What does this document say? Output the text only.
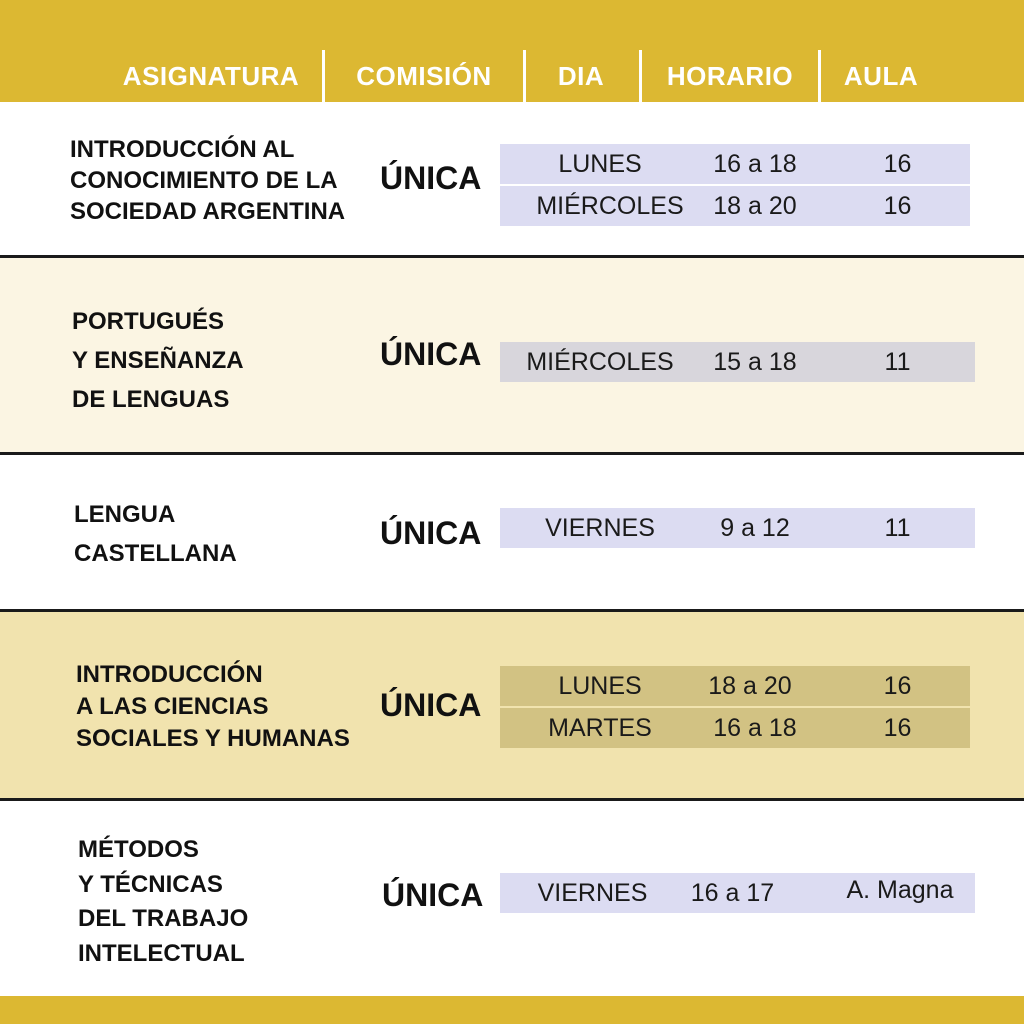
ASIGNATURA	COMISIÓN	DIA	HORARIO	AULA
INTRODUCCIÓN AL
CONOCIMIENTO DE LA
SOCIEDAD ARGENTINA
ÚNICA	LUNES	16 a 18	16
MIÉRCOLES	18 a 20	16
PORTUGUÉS
Y ENSEÑANZA
DE LENGUAS
ÚNICA	MIÉRCOLES	15 a 18	11
LENGUA
CASTELLANA
ÚNICA	VIERNES	9 a 12	11
INTRODUCCIÓN
A LAS CIENCIAS
SOCIALES Y HUMANAS
ÚNICA
LUNES	18 a 20	16
MARTES	16 a 18	16
MÉTODOS
Y TÉCNICAS
DEL TRABAJO
INTELECTUAL
ÚNICA	VIERNES	16 a 17	A. Magna
